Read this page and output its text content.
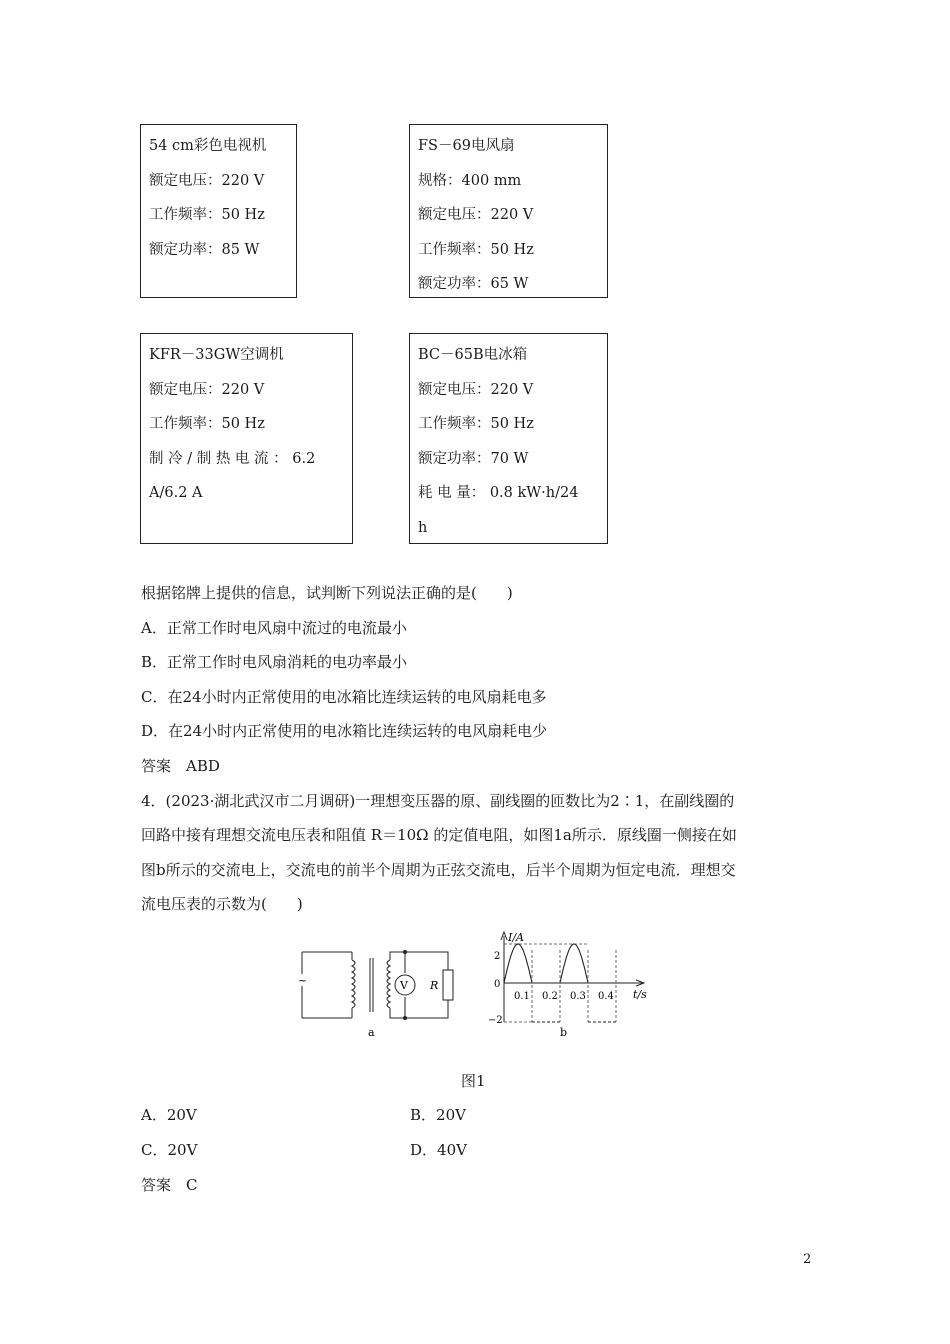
54 cm彩色电视机
额定电压：220 V
工作频率：50 Hz
额定功率：85 W
FS－69电风扇
规格：400 mm
额定电压：220 V
工作频率：50 Hz
额定功率：65 W
KFR－33GW空调机
额定电压：220 V
工作频率：50 Hz
制 冷 / 制 热 电 流 ： 6.2
A/6.2 A
BC－65B电冰箱
额定电压：220 V
工作频率：50 Hz
额定功率：70 W
耗 电 量： 0.8 kW·h/24
h
根据铭牌上提供的信息，试判断下列说法正确的是(　　)
A．正常工作时电风扇中流过的电流最小
B．正常工作时电风扇消耗的电功率最小
C．在24小时内正常使用的电冰箱比连续运转的电风扇耗电多
D．在24小时内正常使用的电冰箱比连续运转的电风扇耗电少
答案　ABD
4．(2023·湖北武汉市二月调研)一理想变压器的原、副线圈的匝数比为2∶1，在副线圈的
回路中接有理想交流电压表和阻值 R＝10Ω 的定值电阻，如图1a所示．原线圈一侧接在如
图b所示的交流电上，交流电的前半个周期为正弦交流电，后半个周期为恒定电流．理想交
流电压表的示数为(　　)
~	V R
a
I/A
t/s
2
0
−2
0.1 0.2 0.3 0.4
b
图1
A．20V	B．20V
C．20V	D．40V
答案　C
2
